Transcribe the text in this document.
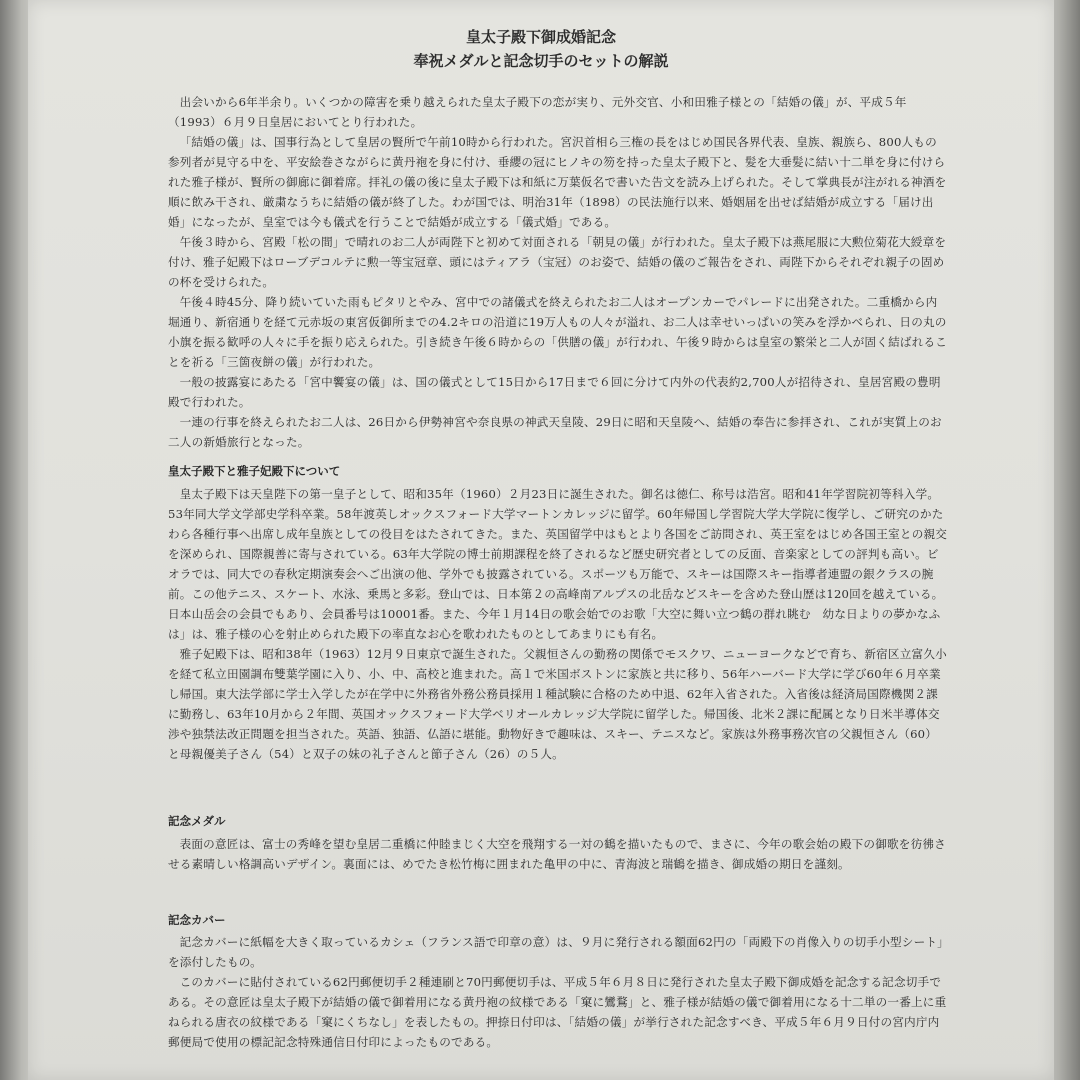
皇太子殿下御成婚記念
奉祝メダルと記念切手のセットの解説

出会いから6年半余り。いくつかの障害を乗り越えられた皇太子殿下の恋が実り、元外交官、小和田雅子様との「結婚の儀」が、平成５年（1993）６月９日皇居においてとり行われた。

「結婚の儀」は、国事行為として皇居の賢所で午前10時から行われた。宮沢首相ら三権の長をはじめ国民各界代表、皇族、親族ら、800人もの参列者が見守る中を、平安絵巻さながらに黄丹袍を身に付け、垂纓の冠にヒノキの笏を持った皇太子殿下と、髪を大垂髪に結い十二単を身に付けられた雅子様が、賢所の御廊に御着席。拝礼の儀の後に皇太子殿下は和紙に万葉仮名で書いた告文を読み上げられた。そして掌典長が注がれる神酒を順に飲み干され、厳粛なうちに結婚の儀が終了した。わが国では、明治31年（1898）の民法施行以来、婚姻届を出せば結婚が成立する「届け出婚」になったが、皇室では今も儀式を行うことで結婚が成立する「儀式婚」である。

午後３時から、宮殿「松の間」で晴れのお二人が両陛下と初めて対面される「朝見の儀」が行われた。皇太子殿下は燕尾服に大勲位菊花大綬章を付け、雅子妃殿下はローブデコルテに勲一等宝冠章、頭にはティアラ（宝冠）のお姿で、結婚の儀のご報告をされ、両陛下からそれぞれ親子の固めの杯を受けられた。

午後４時45分、降り続いていた雨もピタリとやみ、宮中での諸儀式を終えられたお二人はオープンカーでパレードに出発された。二重橋から内堀通り、新宿通りを経て元赤坂の東宮仮御所までの4.2キロの沿道に19万人もの人々が溢れ、お二人は幸せいっぱいの笑みを浮かべられ、日の丸の小旗を振る歓呼の人々に手を振り応えられた。引き続き午後６時からの「供膳の儀」が行われ、午後９時からは皇室の繁栄と二人が固く結ばれることを祈る「三箇夜餅の儀」が行われた。

一般の披露宴にあたる「宮中饗宴の儀」は、国の儀式として15日から17日まで６回に分けて内外の代表約2,700人が招待され、皇居宮殿の豊明殿で行われた。

一連の行事を終えられたお二人は、26日から伊勢神宮や奈良県の神武天皇陵、29日に昭和天皇陵へ、結婚の奉告に参拝され、これが実質上のお二人の新婚旅行となった。

皇太子殿下と雅子妃殿下について

皇太子殿下は天皇陛下の第一皇子として、昭和35年（1960）２月23日に誕生された。御名は徳仁、称号は浩宮。昭和41年学習院初等科入学。53年同大学文学部史学科卒業。58年渡英しオックスフォード大学マートンカレッジに留学。60年帰国し学習院大学大学院に復学し、ご研究のかたわら各種行事へ出席し成年皇族としての役目をはたされてきた。また、英国留学中はもとより各国をご訪問され、英王室をはじめ各国王室との親交を深められ、国際親善に寄与されている。63年大学院の博士前期課程を終了されるなど歴史研究者としての反面、音楽家としての評判も高い。ビオラでは、同大での春秋定期演奏会へご出演の他、学外でも披露されている。スポーツも万能で、スキーは国際スキー指導者連盟の銀クラスの腕前。この他テニス、スケート、水泳、乗馬と多彩。登山では、日本第２の高峰南アルプスの北岳などスキーを含めた登山歴は120回を越えている。日本山岳会の会員でもあり、会員番号は10001番。また、今年１月14日の歌会始でのお歌「大空に舞い立つ鶴の群れ眺む　幼な日よりの夢かなふは」は、雅子様の心を射止められた殿下の率直なお心を歌われたものとしてあまりにも有名。

雅子妃殿下は、昭和38年（1963）12月９日東京で誕生された。父親恒さんの勤務の関係でモスクワ、ニューヨークなどで育ち、新宿区立富久小を経て私立田園調布雙葉学園に入り、小、中、高校と進まれた。高１で米国ボストンに家族と共に移り、56年ハーバード大学に学び60年６月卒業し帰国。東大法学部に学士入学したが在学中に外務省外務公務員採用１種試験に合格のため中退、62年入省された。入省後は経済局国際機関２課に勤務し、63年10月から２年間、英国オックスフォード大学ベリオールカレッジ大学院に留学した。帰国後、北米２課に配属となり日米半導体交渉や独禁法改正問題を担当された。英語、独語、仏語に堪能。動物好きで趣味は、スキー、テニスなど。家族は外務事務次官の父親恒さん（60）と母親優美子さん（54）と双子の妹の礼子さんと節子さん（26）の５人。

記念メダル

表面の意匠は、富士の秀峰を望む皇居二重橋に仲睦まじく大空を飛翔する一対の鶴を描いたもので、まさに、今年の歌会始の殿下の御歌を彷彿させる素晴しい格調高いデザイン。裏面には、めでたき松竹梅に囲まれた亀甲の中に、青海波と瑞鶴を描き、御成婚の期日を謹刻。

記念カバー

記念カバーに紙幅を大きく取っているカシェ（フランス語で印章の意）は、９月に発行される額面62円の「両殿下の肖像入りの切手小型シート」を添付したもの。

このカバーに貼付されている62円郵便切手２種連刷と70円郵便切手は、平成５年６月８日に発行された皇太子殿下御成婚を記念する記念切手である。その意匠は皇太子殿下が結婚の儀で御着用になる黄丹袍の紋様である「窠に鸞鶩」と、雅子様が結婚の儀で御着用になる十二単の一番上に重ねられる唐衣の紋様である「窠にくちなし」を表したもの。押捺日付印は、「結婚の儀」が挙行された記念すべき、平成５年６月９日付の宮内庁内郵便局で使用の標記記念特殊通信日付印によったものである。
